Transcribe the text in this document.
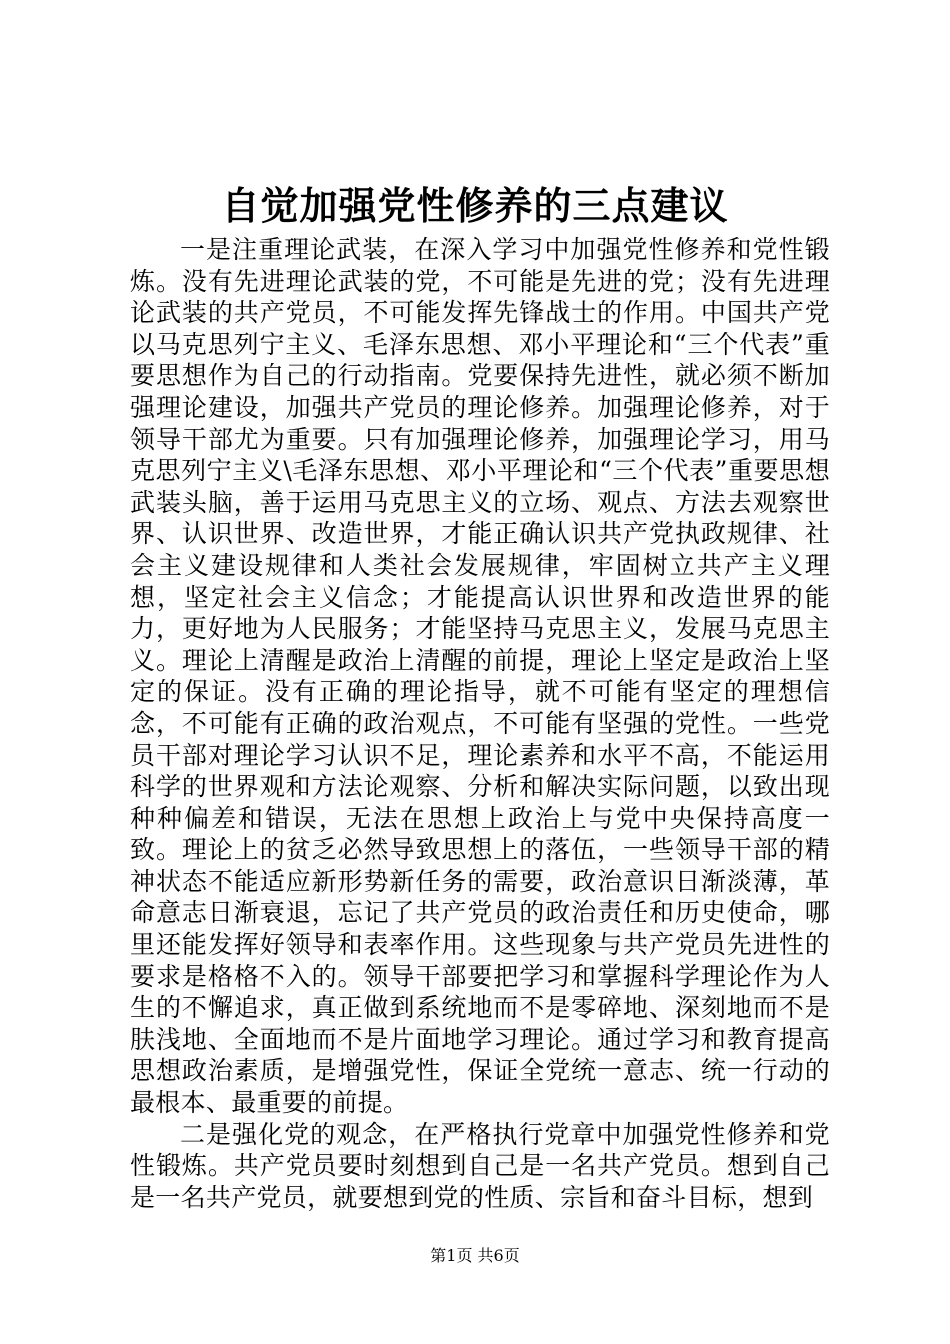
自觉加强党性修养的三点建议

一是注重理论武装，在深入学习中加强党性修养和党性锻炼。没有先进理论武装的党，不可能是先进的党；没有先进理论武装的共产党员，不可能发挥先锋战士的作用。中国共产党以马克思列宁主义、毛泽东思想、邓小平理论和“三个代表”重要思想作为自己的行动指南。党要保持先进性，就必须不断加强理论建设，加强共产党员的理论修养。加强理论修养，对于领导干部尤为重要。只有加强理论修养，加强理论学习，用马克思列宁主义\毛泽东思想、邓小平理论和“三个代表”重要思想武装头脑，善于运用马克思主义的立场、观点、方法去观察世界、认识世界、改造世界，才能正确认识共产党执政规律、社会主义建设规律和人类社会发展规律，牢固树立共产主义理想，坚定社会主义信念；才能提高认识世界和改造世界的能力，更好地为人民服务；才能坚持马克思主义，发展马克思主义。理论上清醒是政治上清醒的前提，理论上坚定是政治上坚定的保证。没有正确的理论指导，就不可能有坚定的理想信念，不可能有正确的政治观点，不可能有坚强的党性。一些党员干部对理论学习认识不足，理论素养和水平不高，不能运用科学的世界观和方法论观察、分析和解决实际问题，以致出现种种偏差和错误，无法在思想上政治上与党中央保持高度一致。理论上的贫乏必然导致思想上的落伍，一些领导干部的精神状态不能适应新形势新任务的需要，政治意识日渐淡薄，革命意志日渐衰退，忘记了共产党员的政治责任和历史使命，哪里还能发挥好领导和表率作用。这些现象与共产党员先进性的要求是格格不入的。领导干部要把学习和掌握科学理论作为人生的不懈追求，真正做到系统地而不是零碎地、深刻地而不是肤浅地、全面地而不是片面地学习理论。通过学习和教育提高思想政治素质，是增强党性，保证全党统一意志、统一行动的最根本、最重要的前提。

二是强化党的观念，在严格执行党章中加强党性修养和党性锻炼。共产党员要时刻想到自己是一名共产党员。想到自己是一名共产党员，就要想到党的性质、宗旨和奋斗目标，想到

第1页 共6页
